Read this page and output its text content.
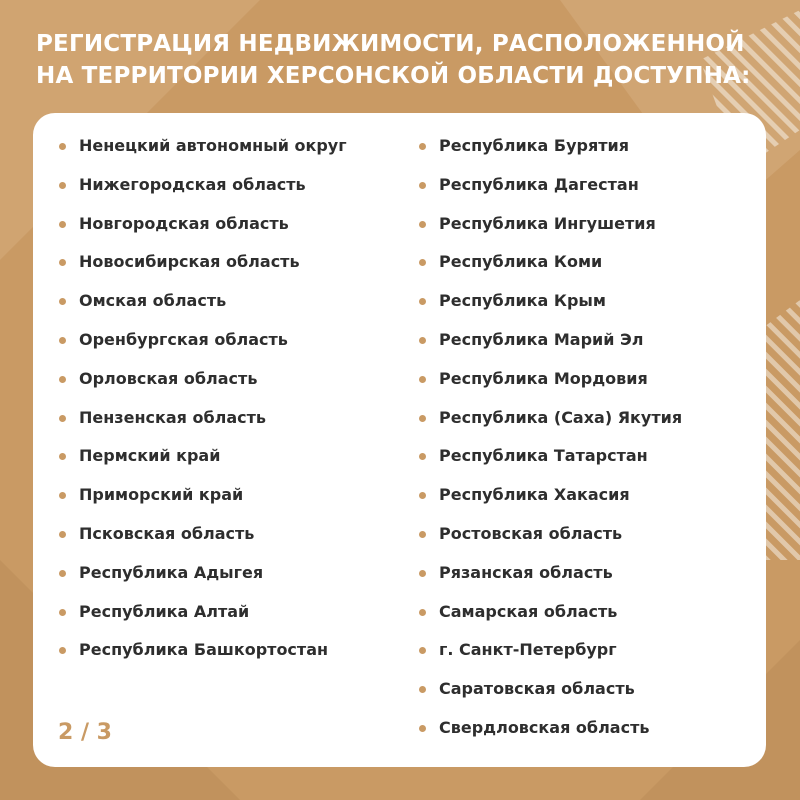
РЕГИСТРАЦИЯ НЕДВИЖИМОСТИ, РАСПОЛОЖЕННОЙ
НА ТЕРРИТОРИИ ХЕРСОНСКОЙ ОБЛАСТИ ДОСТУПНА:
Ненецкий автономный округ
Нижегородская область
Новгородская область
Новосибирская область
Омская область
Оренбургская область
Орловская область
Пензенская область
Пермский край
Приморский край
Псковская область
Республика Адыгея
Республика Алтай
Республика Башкортостан
Республика Бурятия
Республика Дагестан
Республика Ингушетия
Республика Коми
Республика Крым
Республика Марий Эл
Республика Мордовия
Республика (Саха) Якутия
Республика Татарстан
Республика Хакасия
Ростовская область
Рязанская область
Самарская область
г. Санкт-Петербург
Саратовская область
Свердловская область
2 / 3
